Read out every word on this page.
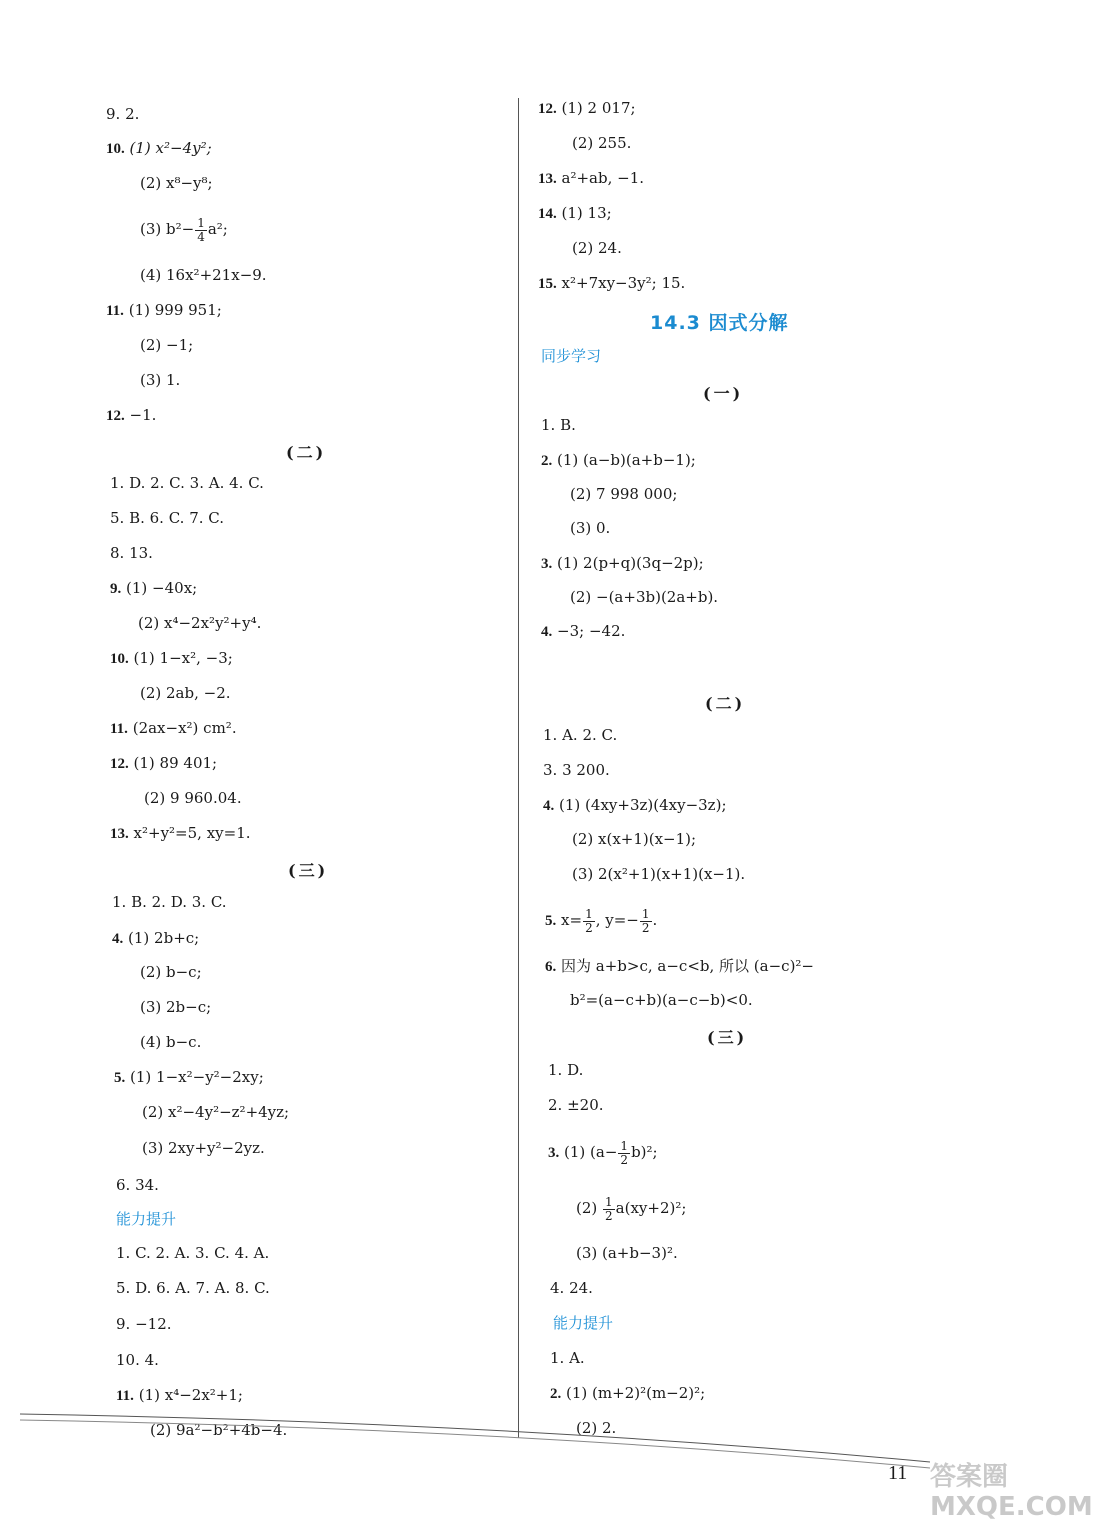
9. 2.
10. (1) x²−4y²;
(2) x⁸−y⁸;
(3) $b^2- \frac{1}{4} a^2$;
(4) 16x²+21x−9.
11. (1) 999 951;
(2) −1;
(3) 1.
12. −1.
(二)
1. D. 2. C. 3. A. 4. C.
5. B. 6. C. 7. C.
8. 13.
9. (1) −40x;
(2) x⁴−2x²y²+y⁴.
10. (1) 1−x², −3;
(2) 2ab, −2.
11. (2ax−x²) cm².
12. (1) 89 401;
(2) 9 960.04.
13. x²+y²=5, xy=1.
(三)
1. B. 2. D. 3. C.
4. (1) 2b+c;
(2) b−c;
(3) 2b−c;
(4) b−c.
5. (1) 1−x²−y²−2xy;
(2) x²−4y²−z²+4yz;
(3) 2xy+y²−2yz.
6. 34.
能力提升
1. C. 2. A. 3. C. 4. A.
5. D. 6. A. 7. A. 8. C.
9. −12.
10. 4.
11. (1) x⁴−2x²+1;
(2) 9a²−b²+4b−4.
12. (1) 2 017;
(2) 255.
13. a²+ab, −1.
14. (1) 13;
(2) 24.
15. x²+7xy−3y²; 15.
14.3 因式分解
同步学习
(一)
1. B.
2. (1) (a−b)(a+b−1);
(2) 7 998 000;
(3) 0.
3. (1) 2(p+q)(3q−2p);
(2) −(a+3b)(2a+b).
4. −3; −42.
(二)
1. A. 2. C.
3. 3 200.
4. (1) (4xy+3z)(4xy−3z);
(2) x(x+1)(x−1);
(3) 2(x²+1)(x+1)(x−1).
5. $x= \frac{1}{2}$ , $y=- \frac{1}{2}$ .
6. 因为 a+b>c, a−c<b, 所以 (a−c)²−
b²=(a−c+b)(a−c−b)<0.
(三)
1. D.
2. ±20.
3. (1) $(a- \frac{1}{2} b)^2$;
$(2) \frac{1}{2} a(xy+2)^2$;
(3) (a+b−3)².
4. 24.
能力提升
1. A.
2. (1) (m+2)²(m−2)²;
(2) 2.
11 答案圈 MXQE.COM
